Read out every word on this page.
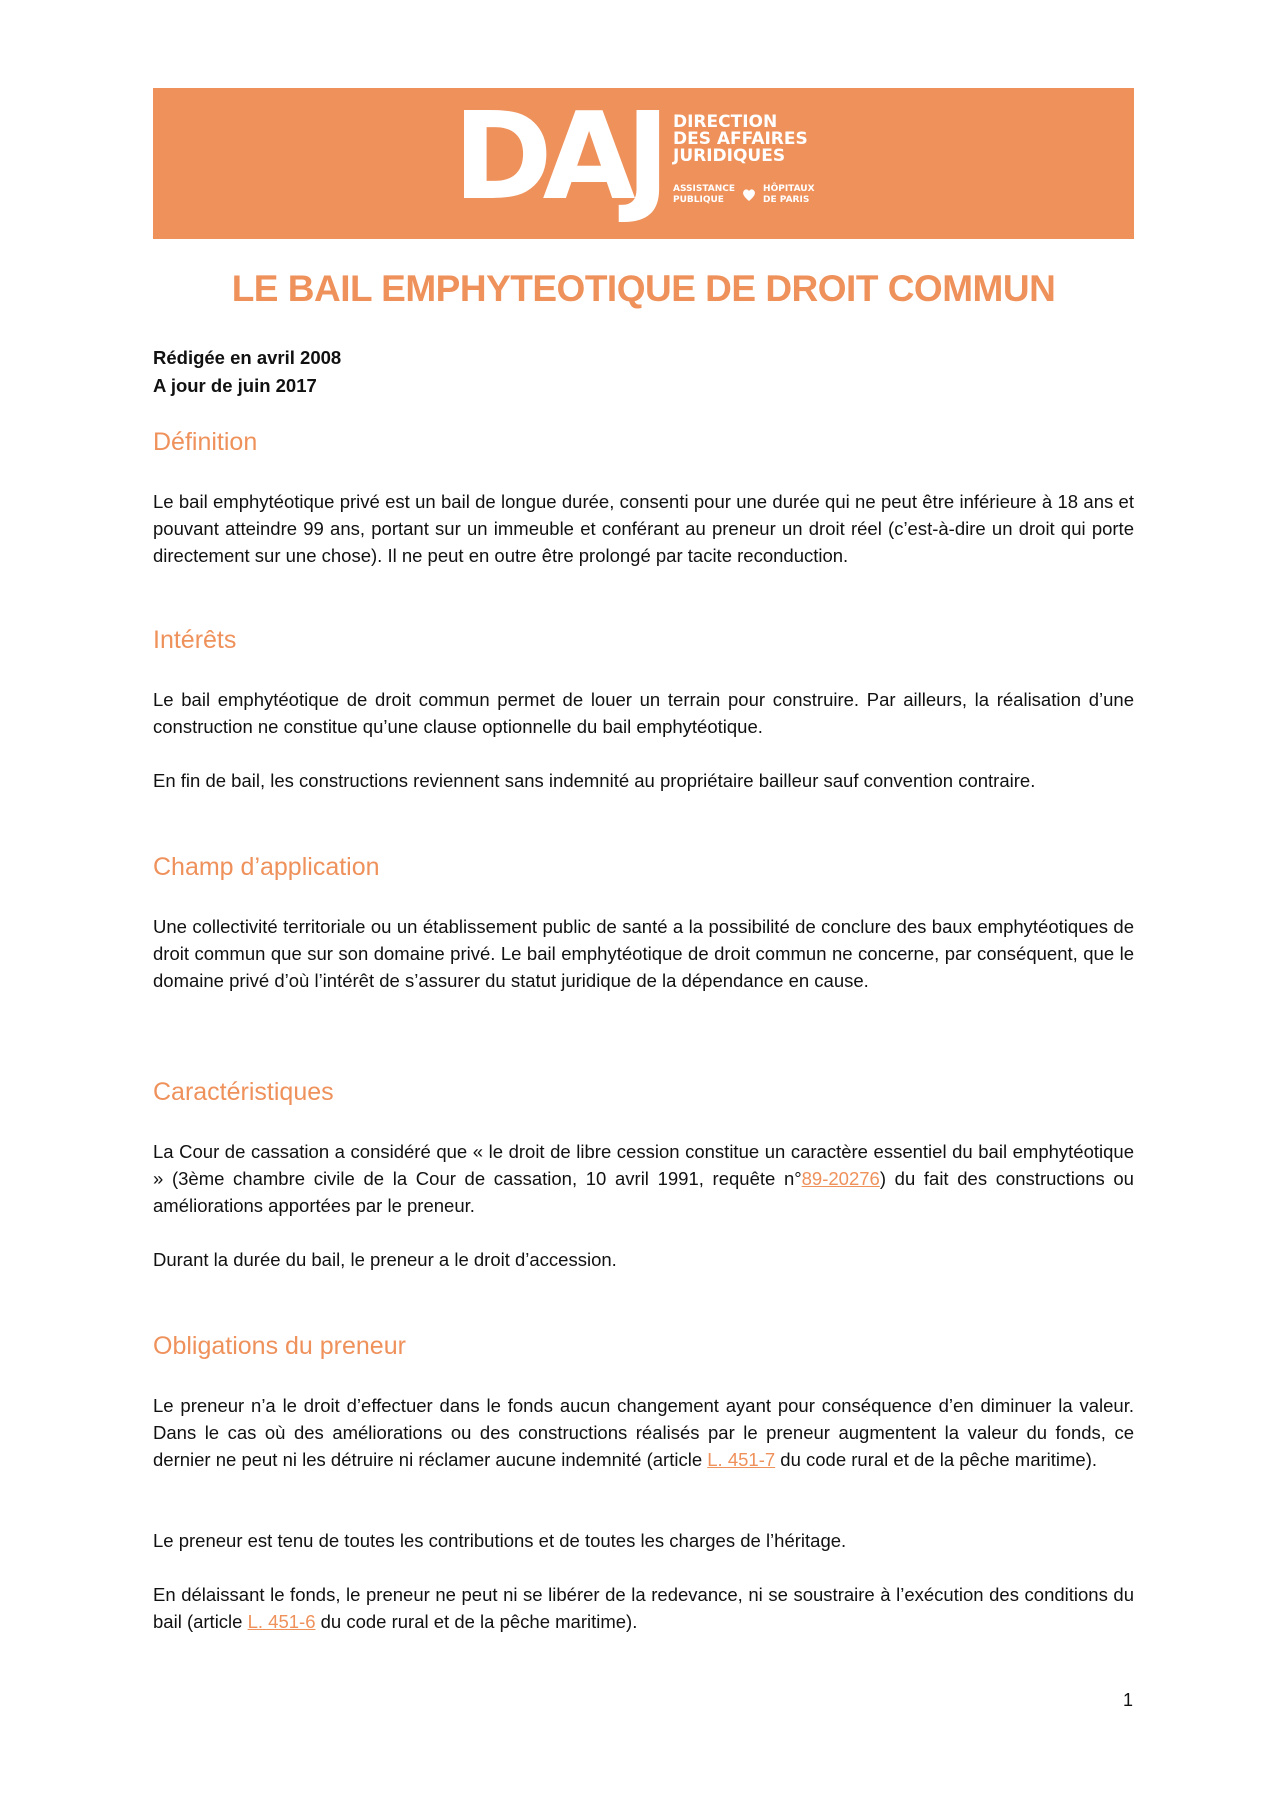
DAJ DIRECTION
DES AFFAIRES
JURIDIQUES
ASSISTANCE
PUBLIQUE
HÔPITAUX
DE PARIS
LE BAIL EMPHYTEOTIQUE DE DROIT COMMUN
Rédigée en avril 2008
A jour de juin 2017
Définition

Le bail emphytéotique privé est un bail de longue durée, consenti pour une durée qui ne peut être inférieure à 18 ans et pouvant atteindre 99 ans, portant sur un immeuble et conférant au preneur un droit réel (c’est-à-dire un droit qui porte directement sur une chose). Il ne peut en outre être prolongé par tacite reconduction.

Intérêts

Le bail emphytéotique de droit commun permet de louer un terrain pour construire. Par ailleurs, la réalisation d’une construction ne constitue qu’une clause optionnelle du bail emphytéotique.

En fin de bail, les constructions reviennent sans indemnité au propriétaire bailleur sauf convention contraire.

Champ d’application

Une collectivité territoriale ou un établissement public de santé a la possibilité de conclure des baux emphytéotiques de droit commun que sur son domaine privé. Le bail emphytéotique de droit commun ne concerne, par conséquent, que le domaine privé d’où l’intérêt de s’assurer du statut juridique de la dépendance en cause.

Caractéristiques

La Cour de cassation a considéré que « le droit de libre cession constitue un caractère essentiel du bail emphytéotique » (3ème chambre civile de la Cour de cassation, 10 avril 1991, requête n°89-20276) du fait des constructions ou améliorations apportées par le preneur.

Durant la durée du bail, le preneur a le droit d’accession.

Obligations du preneur

Le preneur n’a le droit d’effectuer dans le fonds aucun changement ayant pour conséquence d’en diminuer la valeur. Dans le cas où des améliorations ou des constructions réalisés par le preneur augmentent la valeur du fonds, ce dernier ne peut ni les détruire ni réclamer aucune indemnité (article L. 451-7 du code rural et de la pêche maritime).

Le preneur est tenu de toutes les contributions et de toutes les charges de l’héritage.

En délaissant le fonds, le preneur ne peut ni se libérer de la redevance, ni se soustraire à l’exécution des conditions du bail (article L. 451-6 du code rural et de la pêche maritime).

1
